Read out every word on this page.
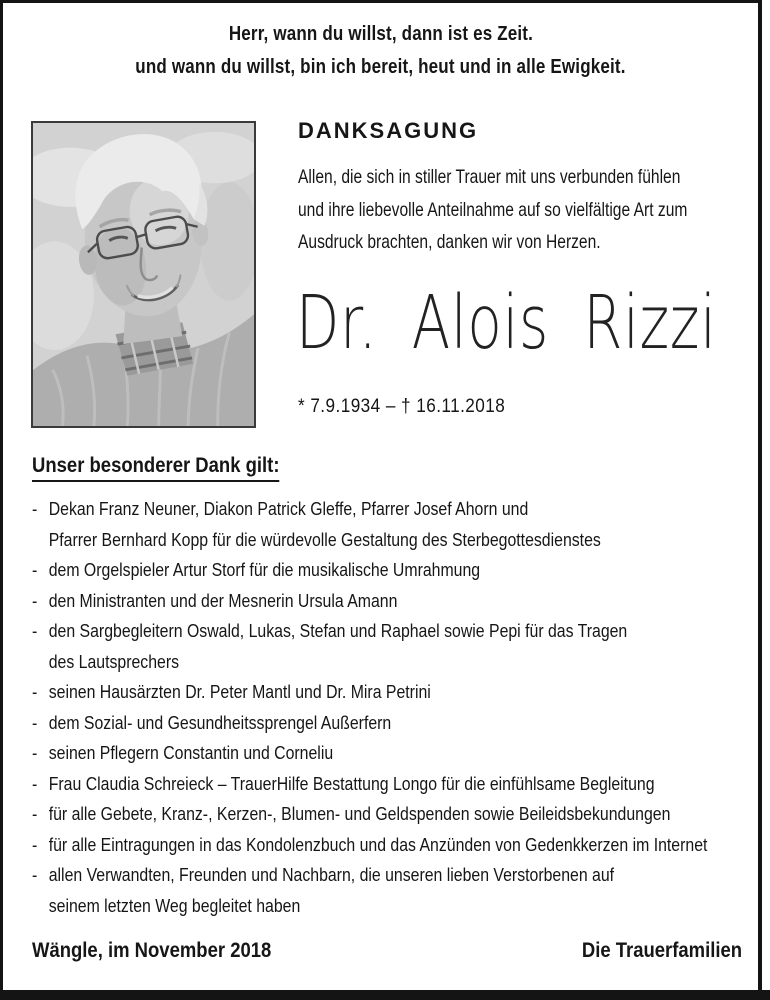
Herr, wann du willst, dann ist es Zeit.
und wann du willst, bin ich bereit, heut und in alle Ewigkeit.
DANKSAGUNG
Allen, die sich in stiller Trauer mit uns verbunden fühlen
und ihre liebevolle Anteilnahme auf so vielfältige Art zum
Ausdruck brachten, danken wir von Herzen.
Dr. Alois Rizzi
* 7.9.1934 – † 16.11.2018
Unser besonderer Dank gilt:
- Dekan Franz Neuner, Diakon Patrick Gleffe, Pfarrer Josef Ahorn und
Pfarrer Bernhard Kopp für die würdevolle Gestaltung des Sterbegottesdienstes
- dem Orgelspieler Artur Storf für die musikalische Umrahmung
- den Ministranten und der Mesnerin Ursula Amann
- den Sargbegleitern Oswald, Lukas, Stefan und Raphael sowie Pepi für das Tragen
des Lautsprechers
- seinen Hausärzten Dr. Peter Mantl und Dr. Mira Petrini
- dem Sozial- und Gesundheitssprengel Außerfern
- seinen Pflegern Constantin und Corneliu
- Frau Claudia Schreieck – TrauerHilfe Bestattung Longo für die einfühlsame Begleitung
- für alle Gebete, Kranz-, Kerzen-, Blumen- und Geldspenden sowie Beileidsbekundungen
- für alle Eintragungen in das Kondolenzbuch und das Anzünden von Gedenkkerzen im Internet
- allen Verwandten, Freunden und Nachbarn, die unseren lieben Verstorbenen auf
seinem letzten Weg begleitet haben
Wängle, im November 2018	Die Trauerfamilien
